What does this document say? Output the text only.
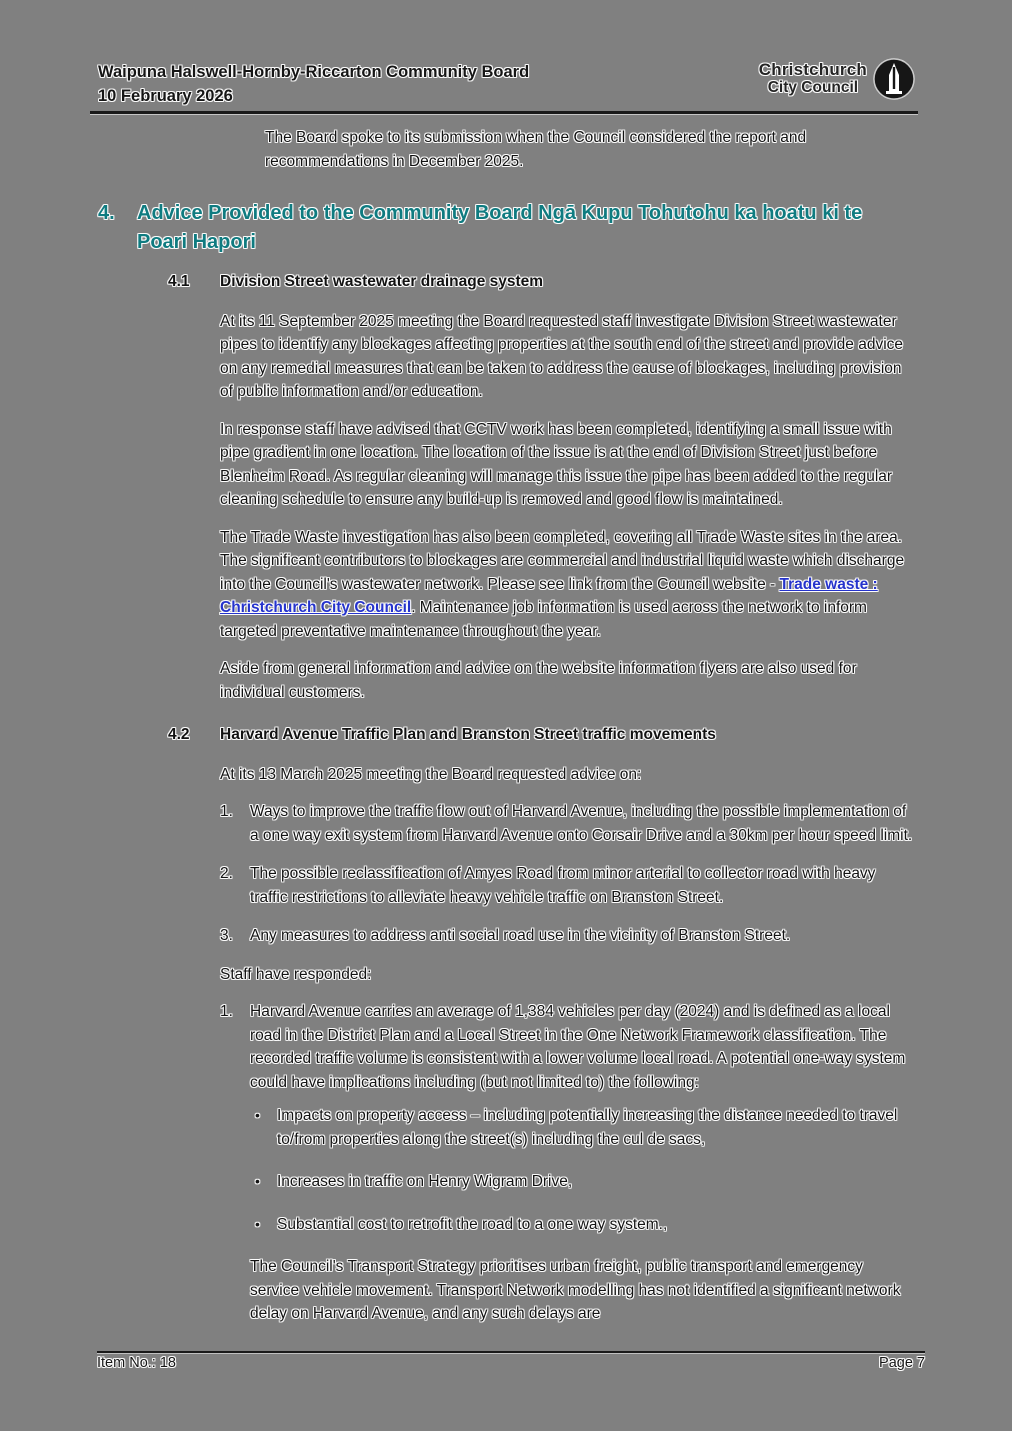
Waipuna Halswell-Hornby-Riccarton Community Board
10 February 2026
Christchurch
City Council

The Board spoke to its submission when the Council considered the report and recommendations in December 2025.

4.	Advice Provided to the Community Board Ngā Kupu Tohutohu ka hoatu ki te Poari Hapori
4.1	Division Street wastewater drainage system

At its 11 September 2025 meeting the Board requested staff investigate Division Street wastewater pipes to identify any blockages affecting properties at the south end of the street and provide advice on any remedial measures that can be taken to address the cause of blockages, including provision of public information and/or education.

In response staff have advised that CCTV work has been completed, identifying a small issue with pipe gradient in one location. The location of the issue is at the end of Division Street just before Blenheim Road. As regular cleaning will manage this issue the pipe has been added to the regular cleaning schedule to ensure any build-up is removed and good flow is maintained.

The Trade Waste investigation has also been completed, covering all Trade Waste sites in the area. The significant contributors to blockages are commercial and industrial liquid waste which discharge into the Council's wastewater network. Please see link from the Council website - Trade waste : Christchurch City Council. Maintenance job information is used across the network to inform targeted preventative maintenance throughout the year.

Aside from general information and advice on the website information flyers are also used for individual customers.

4.2	Harvard Avenue Traffic Plan and Branston Street traffic movements

At its 13 March 2025 meeting the Board requested advice on:

1.	Ways to improve the traffic flow out of Harvard Avenue, including the possible implementation of a one way exit system from Harvard Avenue onto Corsair Drive and a 30km per hour speed limit.
2.	The possible reclassification of Amyes Road from minor arterial to collector road with heavy traffic restrictions to alleviate heavy vehicle traffic on Branston Street.
3.	Any measures to address anti social road use in the vicinity of Branston Street.

Staff have responded:

1.	Harvard Avenue carries an average of 1,384 vehicles per day (2024) and is defined as a local road in the District Plan and a Local Street in the One Network Framework classification. The recorded traffic volume is consistent with a lower volume local road. A potential one-way system could have implications including (but not limited to) the following:
•	Impacts on property access – including potentially increasing the distance needed to travel to/from properties along the street(s) including the cul de sacs,
•	Increases in traffic on Henry Wigram Drive,
•	Substantial cost to retrofit the road to a one way system.,

The Council's Transport Strategy prioritises urban freight, public transport and emergency service vehicle movement. Transport Network modelling has not identified a significant network delay on Harvard Avenue, and any such delays are

Item No.: 18	Page 7
